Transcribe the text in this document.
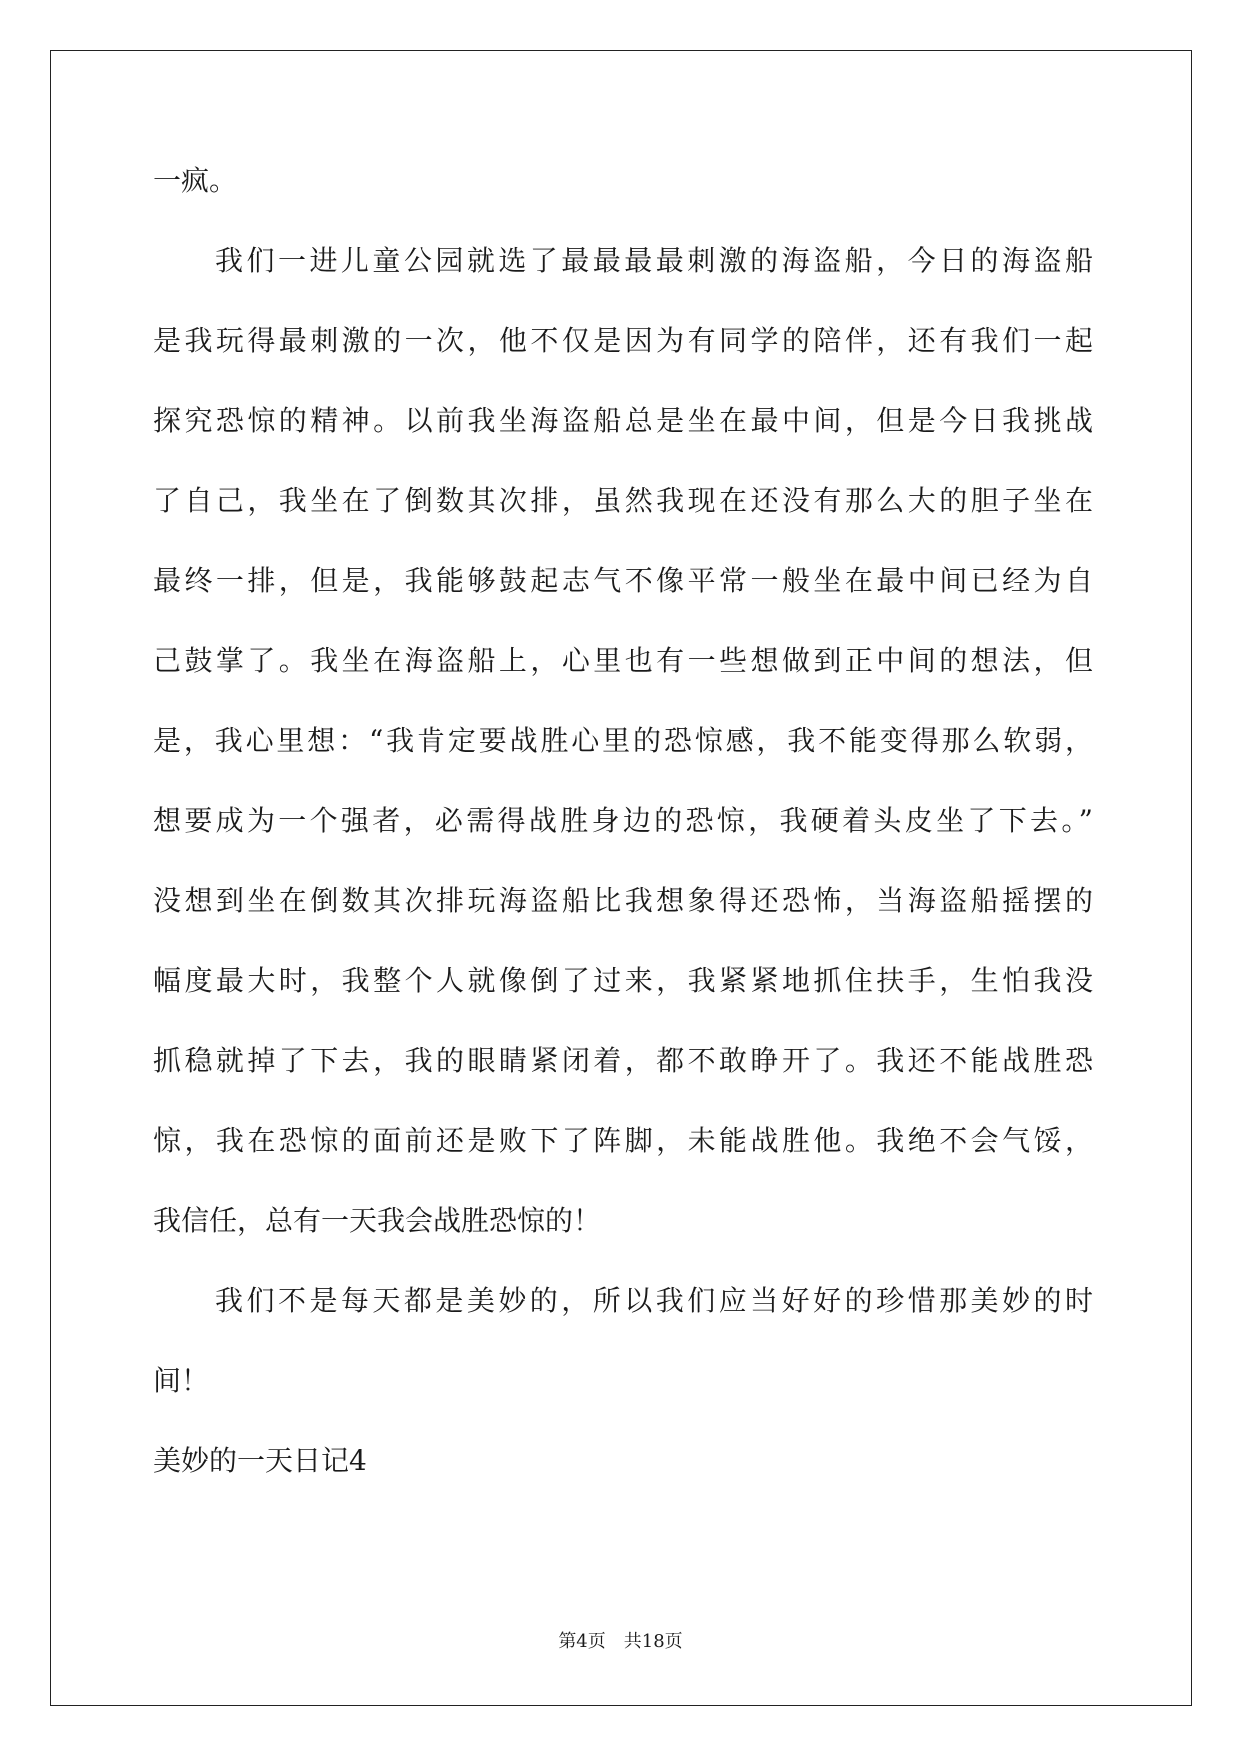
一疯。
我们一进儿童公园就选了最最最最刺激的海盗船，今日的海盗船
是我玩得最刺激的一次，他不仅是因为有同学的陪伴，还有我们一起
探究恐惊的精神。以前我坐海盗船总是坐在最中间，但是今日我挑战
了自己，我坐在了倒数其次排，虽然我现在还没有那么大的胆子坐在
最终一排，但是，我能够鼓起志气不像平常一般坐在最中间已经为自
己鼓掌了。我坐在海盗船上，心里也有一些想做到正中间的想法，但
是，我心里想：“我肯定要战胜心里的恐惊感，我不能变得那么软弱，
想要成为一个强者，必需得战胜身边的恐惊，我硬着头皮坐了下去。”
没想到坐在倒数其次排玩海盗船比我想象得还恐怖，当海盗船摇摆的
幅度最大时，我整个人就像倒了过来，我紧紧地抓住扶手，生怕我没
抓稳就掉了下去，我的眼睛紧闭着，都不敢睁开了。我还不能战胜恐
惊，我在恐惊的面前还是败下了阵脚，未能战胜他。我绝不会气馁，
我信任，总有一天我会战胜恐惊的！
我们不是每天都是美妙的，所以我们应当好好的珍惜那美妙的时
间！
美妙的一天日记4
第4页　共18页
